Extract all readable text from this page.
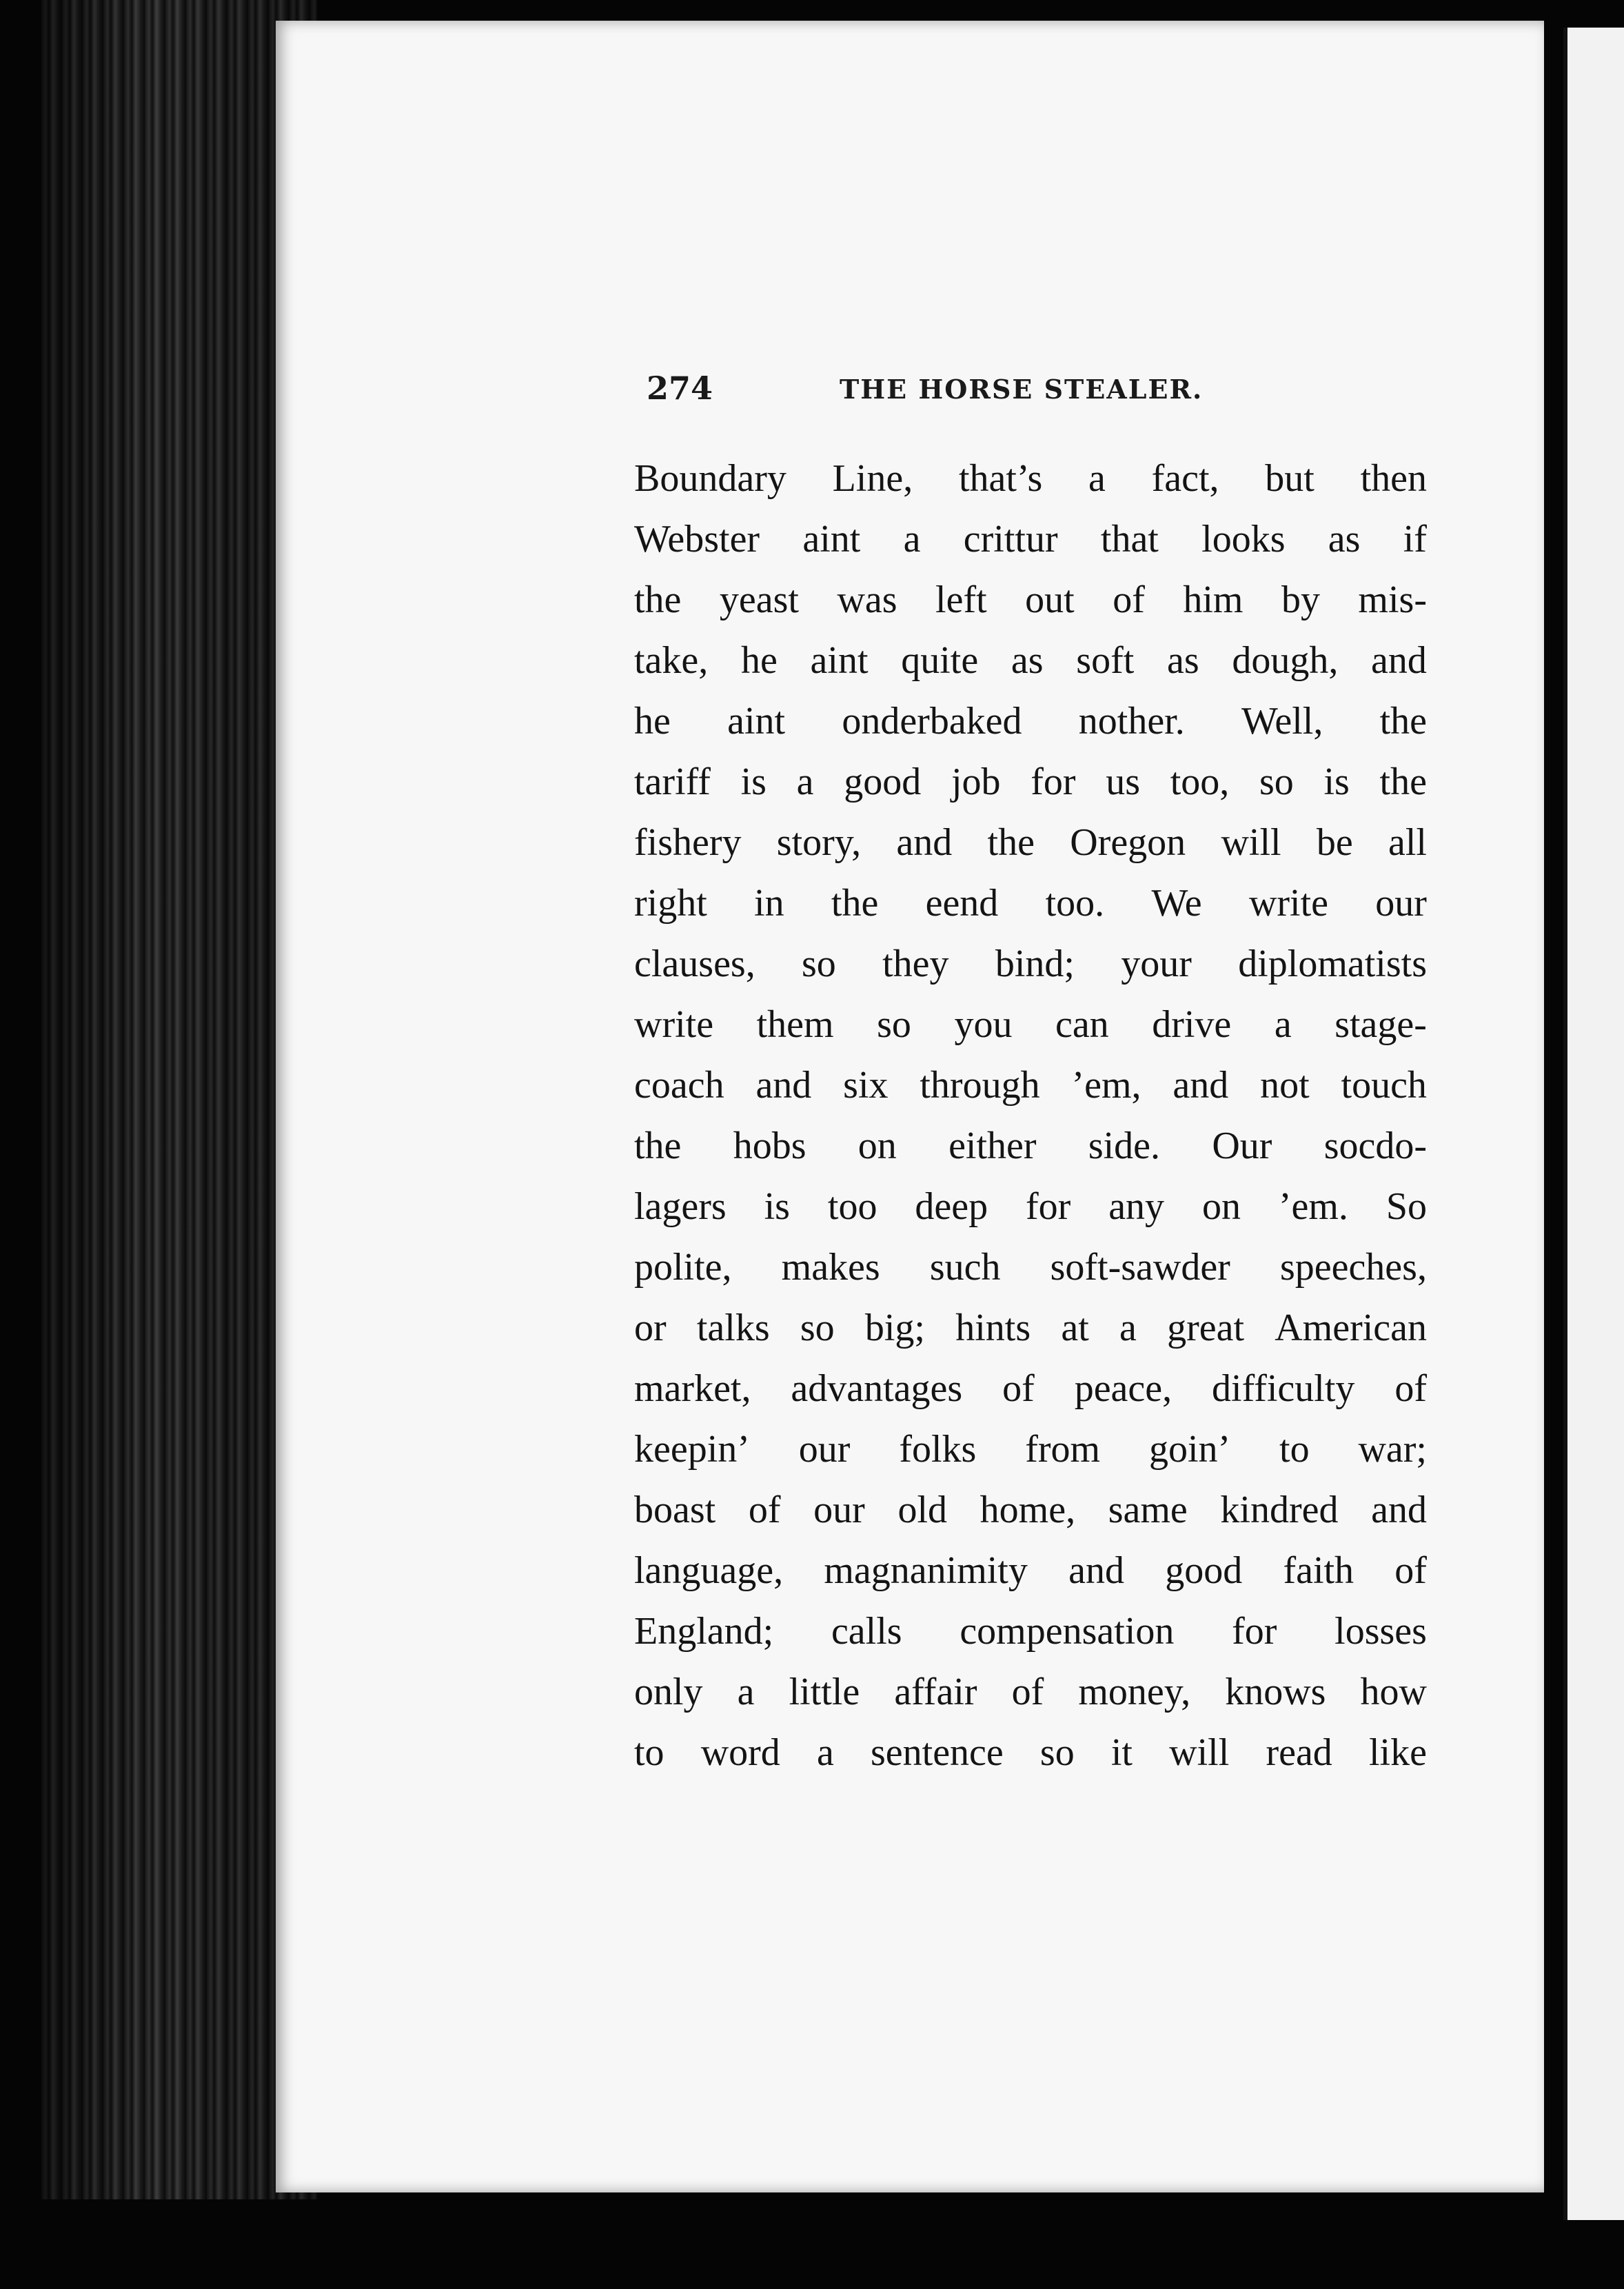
274	THE HORSE STEALER.
Boundary Line, that’s a fact, but then
Webster aint a crittur that looks as if
the yeast was left out of him by mis-
take, he aint quite as soft as dough, and
he aint onderbaked nother. Well, the
tariff is a good job for us too, so is the
fishery story, and the Oregon will be all
right in the eend too. We write our
clauses, so they bind; your diplomatists
write them so you can drive a stage-
coach and six through ’em, and not touch
the hobs on either side. Our socdo-
lagers is too deep for any on ’em. So
polite, makes such soft-sawder speeches,
or talks so big; hints at a great American
market, advantages of peace, difficulty of
keepin’ our folks from goin’ to war;
boast of our old home, same kindred and
language, magnanimity and good faith of
England; calls compensation for losses
only a little affair of money, knows how
to word a sentence so it will read like
